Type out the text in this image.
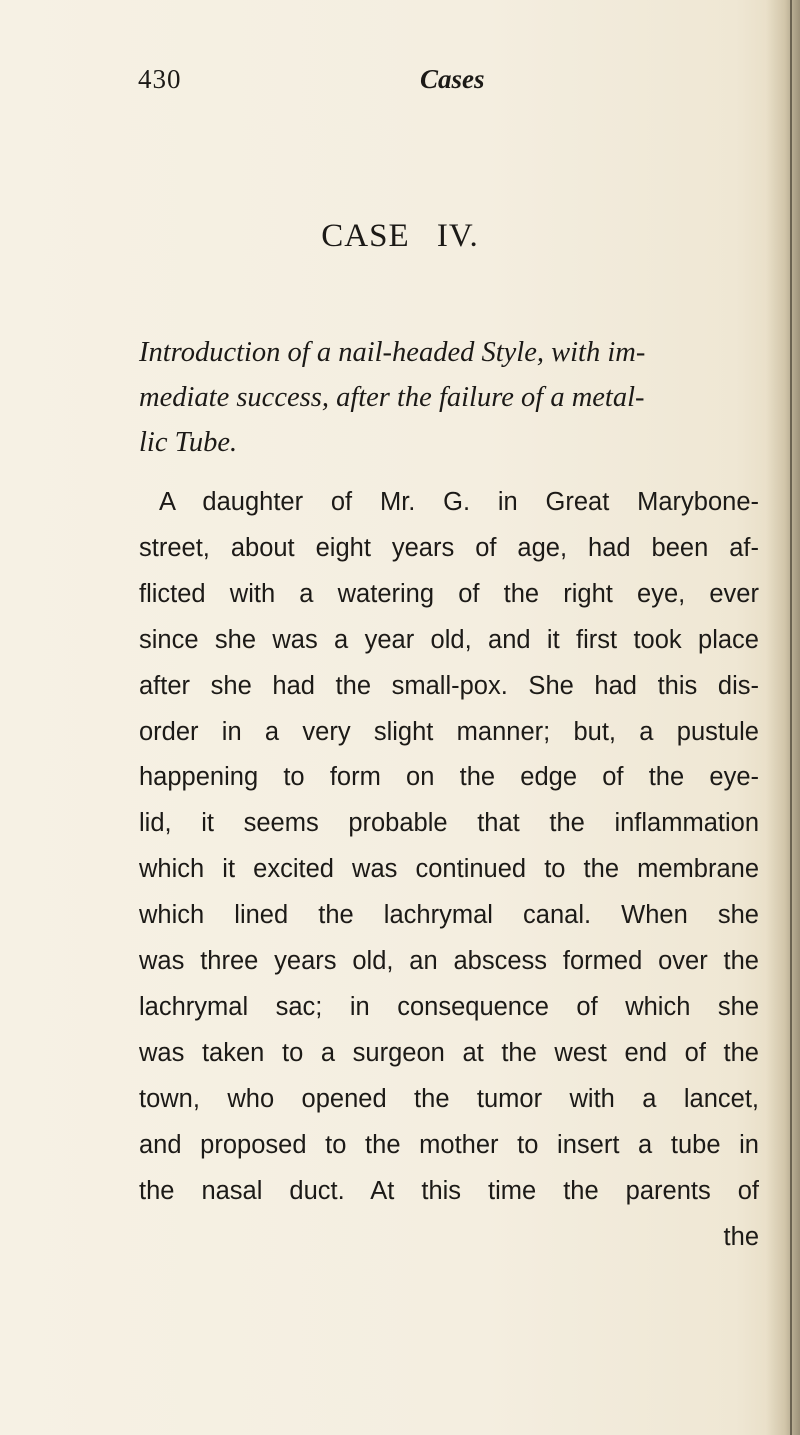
430	Cases
CASE IV.
Introduction of a nail-headed Style, with im-
mediate success, after the failure of a metal-
lic Tube.
A daughter of Mr. G. in Great Marybone-
street, about eight years of age, had been af-
flicted with a watering of the right eye, ever
since she was a year old, and it first took place
after she had the small-pox. She had this dis-
order in a very slight manner; but, a pustule
happening to form on the edge of the eye-
lid, it seems probable that the inflammation
which it excited was continued to the membrane
which lined the lachrymal canal. When she
was three years old, an abscess formed over the
lachrymal sac; in consequence of which she
was taken to a surgeon at the west end of the
town, who opened the tumor with a lancet,
and proposed to the mother to insert a tube in
the nasal duct. At this time the parents of
the
